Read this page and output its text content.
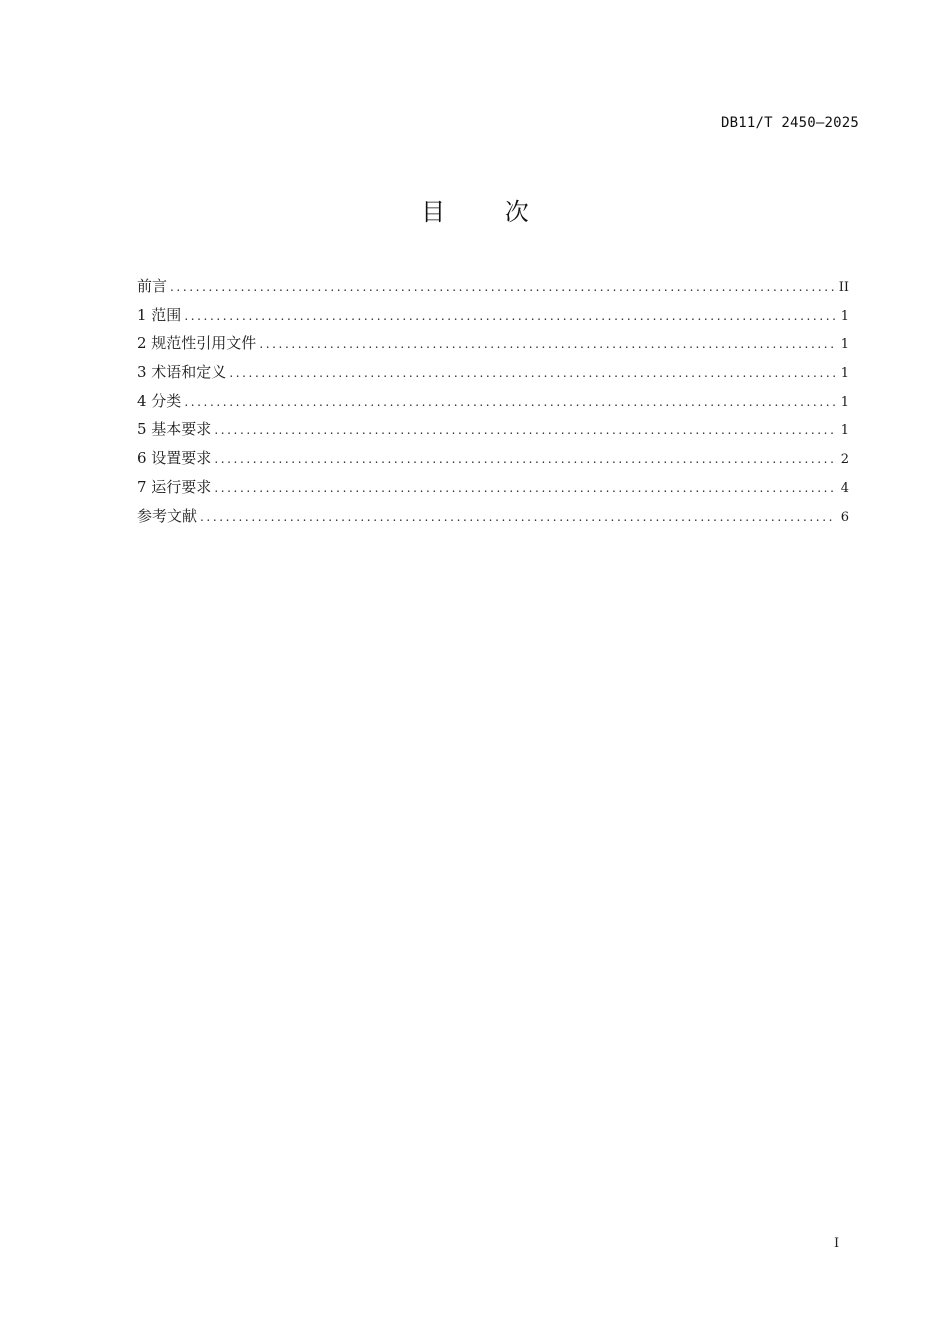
DB11/T 2450—2025
目 次
前言 .....	II
1 范围 .....	1
2 规范性引用文件 .....	1
3 术语和定义 .....	1
4 分类 .....	1
5 基本要求 .....	1
6 设置要求 .....	2
7 运行要求 .....	4
参考文献 .....	6
I
